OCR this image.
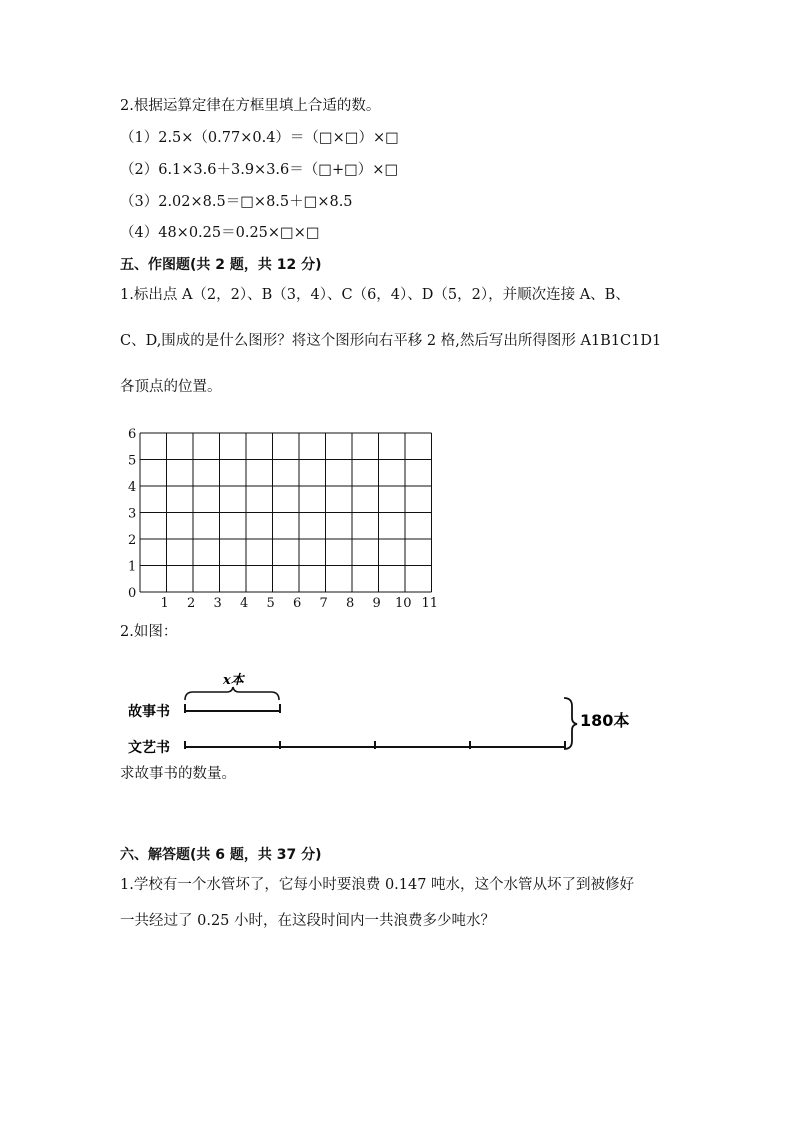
2.根据运算定律在方框里填上合适的数。
（1）2.5×（0.77×0.4）＝（□×□）×□
（2）6.1×3.6＋3.9×3.6＝（□+□）×□
（3）2.02×8.5＝□×8.5＋□×8.5
（4）48×0.25＝0.25×□×□
五、作图题(共 2 题，共 12 分)
1.标出点 A（2，2）、B（3，4）、C（6，4）、D（5，2），并顺次连接 A、B、
C、D,围成的是什么图形？将这个图形向右平移 2 格,然后写出所得图形 A1B1C1D1
各顶点的位置。
1 2 3 4 5 6 7 8 9 10 11
0
1
2
3
4
5
6
2.如图：
x本
故事书
文艺书
180本
求故事书的数量。
六、解答题(共 6 题，共 37 分)
1.学校有一个水管坏了，它每小时要浪费 0.147 吨水，这个水管从坏了到被修好
一共经过了 0.25 小时，在这段时间内一共浪费多少吨水？
